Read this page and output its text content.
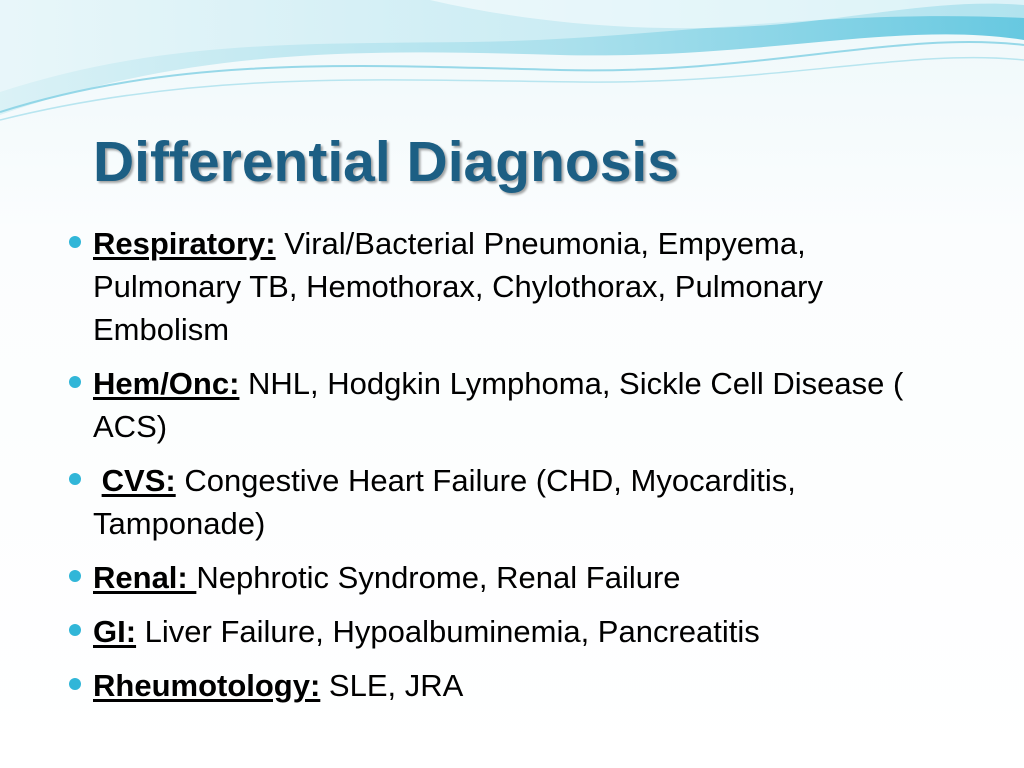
Differential Diagnosis
Respiratory: Viral/Bacterial Pneumonia, Empyema, Pulmonary TB, Hemothorax, Chylothorax, Pulmonary Embolism
Hem/Onc: NHL, Hodgkin Lymphoma, Sickle Cell Disease ( ACS)
CVS: Congestive Heart Failure (CHD, Myocarditis, Tamponade)
Renal: Nephrotic Syndrome, Renal Failure
GI: Liver Failure, Hypoalbuminemia, Pancreatitis
Rheumotology: SLE, JRA
